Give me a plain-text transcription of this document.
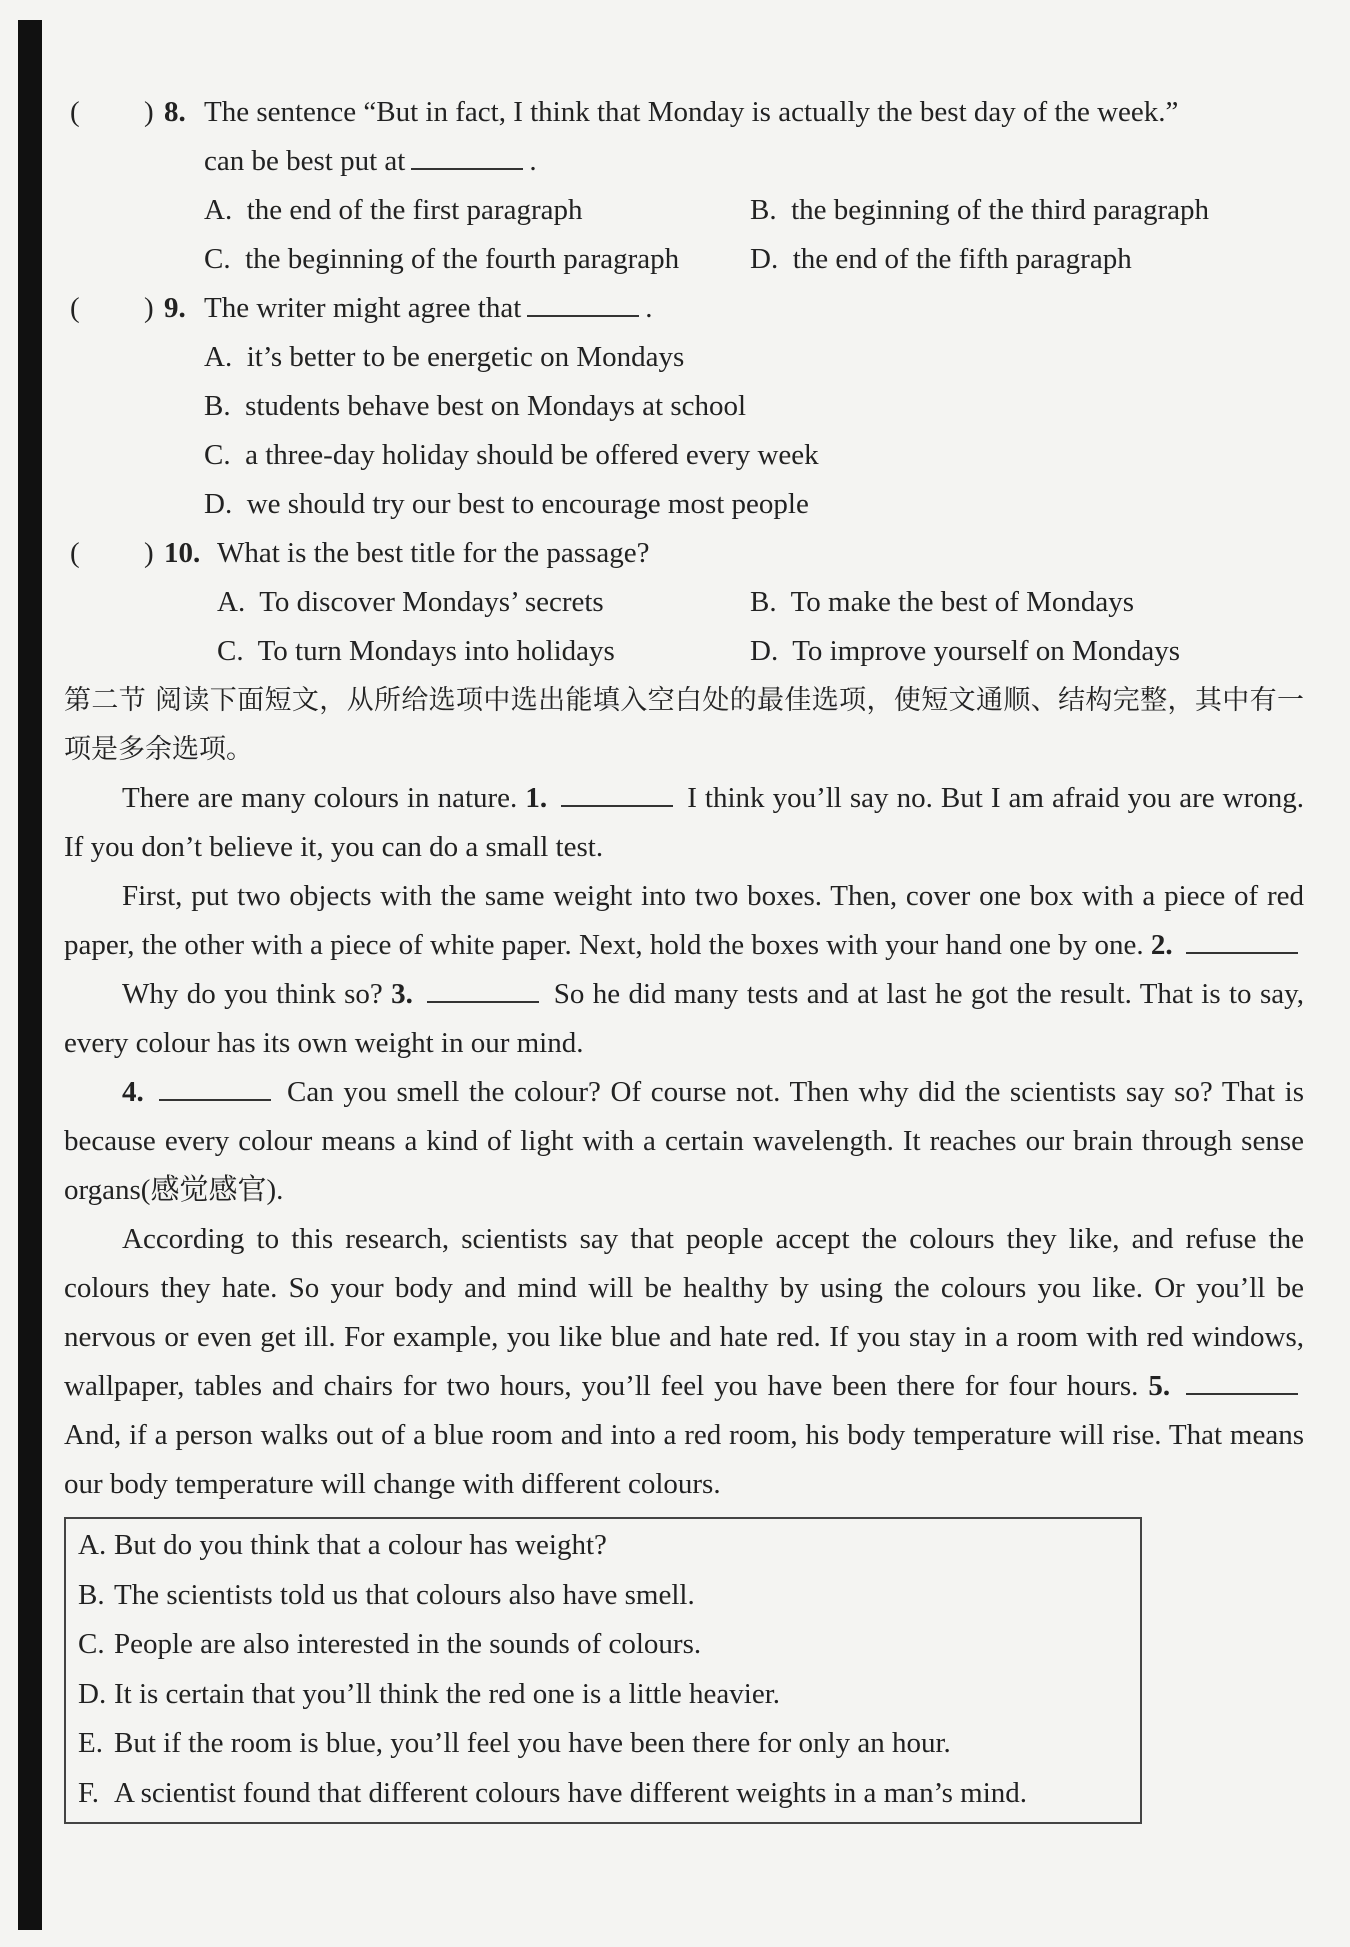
( ) 8. The sentence “But in fact, I think that Monday is actually the best day of the week.”
can be best put at	.
A. the end of the first paragraph	B. the beginning of the third paragraph
C. the beginning of the fourth paragraph D. the end of the fifth paragraph
( ) 9. The writer might agree that	.
A. it’s better to be energetic on Mondays
B. students behave best on Mondays at school
C. a three-day holiday should be offered every week
D. we should try our best to encourage most people
( ) 10. What is the best title for the passage?
A. To discover Mondays’ secrets	B. To make the best of Mondays
C. To turn Mondays into holidays	D. To improve yourself on Mondays
第二节 阅读下面短文，从所给选项中选出能填入空白处的最佳选项，使短文通顺、结构完整，其中有一项是多余选项。
There are many colours in nature. 1.	I think you’ll say no. But I am afraid you are wrong. If you don’t believe it, you can do a small test.
First, put two objects with the same weight into two boxes. Then, cover one box with a piece of red paper, the other with a piece of white paper. Next, hold the boxes with your hand one by one. 2.
Why do you think so? 3.	So he did many tests and at last he got the result. That is to say, every colour has its own weight in our mind.
4.	Can you smell the colour? Of course not. Then why did the scientists say so? That is because every colour means a kind of light with a certain wavelength. It reaches our brain through sense organs(感觉感官).
According to this research, scientists say that people accept the colours they like, and refuse the colours they hate. So your body and mind will be healthy by using the colours you like. Or you’ll be nervous or even get ill. For example, you like blue and hate red. If you stay in a room with red windows, wallpaper, tables and chairs for two hours, you’ll feel you have been there for four hours. 5.  And, if a person walks out of a blue room and into a red room, his body temperature will rise. That means our body temperature will change with different colours.
A. But do you think that a colour has weight?
B. The scientists told us that colours also have smell.
C. People are also interested in the sounds of colours.
D. It is certain that you’ll think the red one is a little heavier.
E. But if the room is blue, you’ll feel you have been there for only an hour.
F. A scientist found that different colours have different weights in a man’s mind.
